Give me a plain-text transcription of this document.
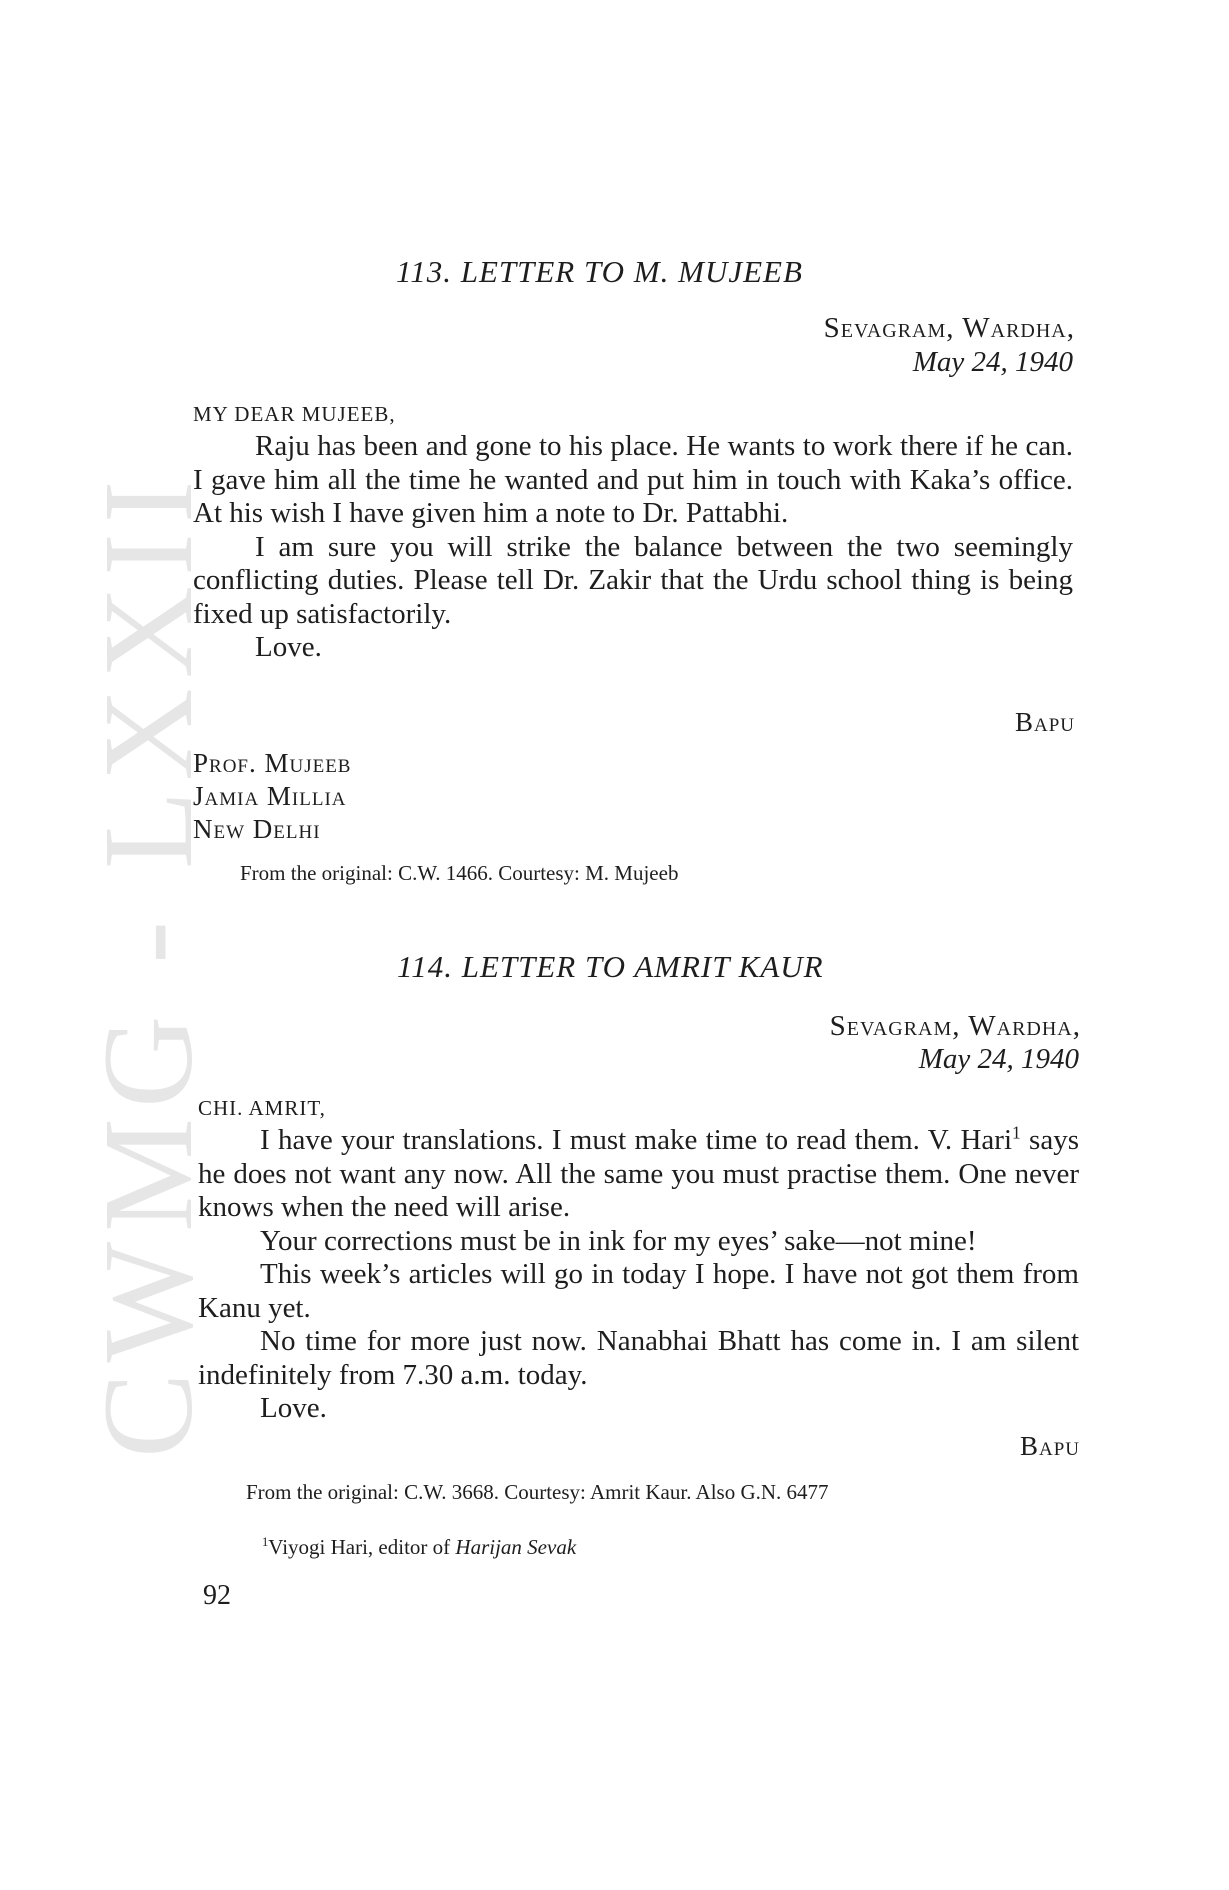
CWMG - LXXII
113. LETTER TO M. MUJEEB
Sevagram, Wardha,
May 24, 1940
MY DEAR MUJEEB,

Raju has been and gone to his place. He wants to work there if he can. I gave him all the time he wanted and put him in touch with Kaka’s office. At his wish I have given him a note to Dr. Pattabhi.

I am sure you will strike the balance between the two seemingly conflicting duties. Please tell Dr. Zakir that the Urdu school thing is being fixed up satisfactorily.

Love.

Bapu
Prof. Mujeeb
Jamia Millia
New Delhi
From the original: C.W. 1466. Courtesy: M. Mujeeb
114. LETTER TO AMRIT KAUR
Sevagram, Wardha,
May 24, 1940
CHI. AMRIT,

I have your translations. I must make time to read them. V. Hari$^1$ says he does not want any now. All the same you must practise them. One never knows when the need will arise.

Your corrections must be in ink for my eyes’ sake—not mine!

This week’s articles will go in today I hope. I have not got them from Kanu yet.

No time for more just now. Nanabhai Bhatt has come in. I am silent indefinitely from 7.30 a.m. today.

Love.

Bapu
From the original: C.W. 3668. Courtesy: Amrit Kaur. Also G.N. 6477
$^1$Viyogi Hari, editor of Harijan Sevak
92
